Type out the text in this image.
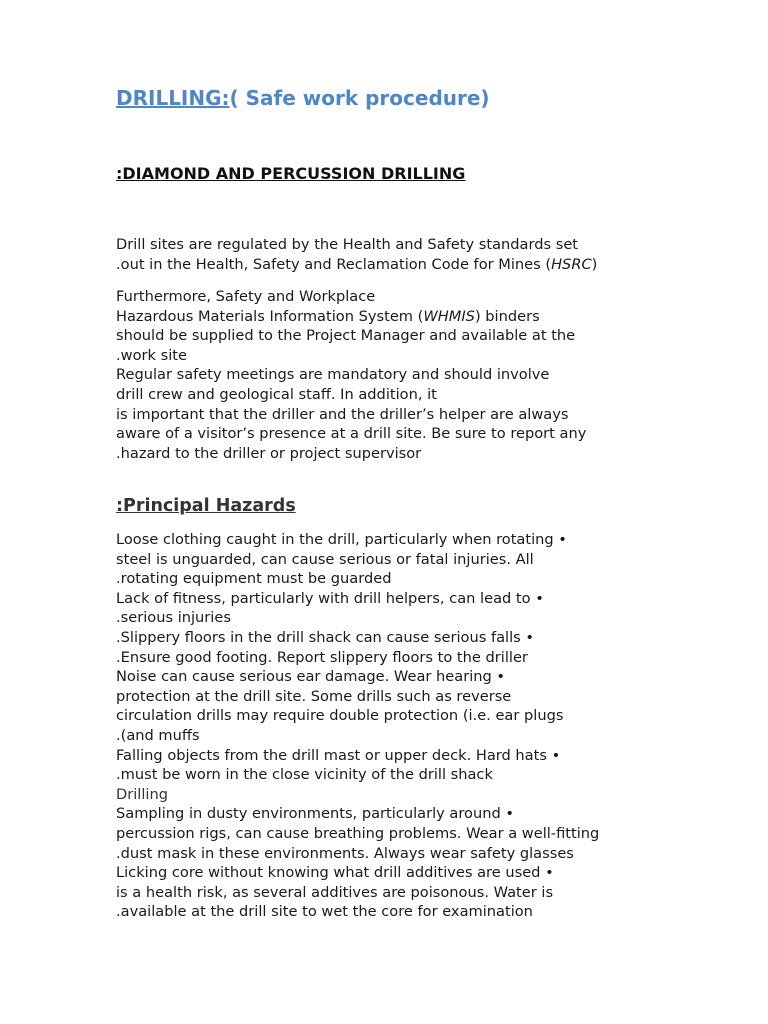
DRILLING:( Safe work procedure)
:DIAMOND AND PERCUSSION DRILLING

Drill sites are regulated by the Health and Safety standards set
.out in the Health, Safety and Reclamation Code for Mines (HSRC)

Furthermore, Safety and Workplace
Hazardous Materials Information System (WHMIS) binders
should be supplied to the Project Manager and available at the
.work site
Regular safety meetings are mandatory and should involve
drill crew and geological staff. In addition, it
is important that the driller and the driller’s helper are always
aware of a visitor’s presence at a drill site. Be sure to report any
.hazard to the driller or project supervisor

:Principal Hazards
Loose clothing caught in the drill, particularly when rotating •
steel is unguarded, can cause serious or fatal injuries. All
.rotating equipment must be guarded
Lack of fitness, particularly with drill helpers, can lead to •
.serious injuries
.Slippery floors in the drill shack can cause serious falls •
.Ensure good footing. Report slippery floors to the driller
Noise can cause serious ear damage. Wear hearing •
protection at the drill site. Some drills such as reverse
circulation drills may require double protection (i.e. ear plugs
.(and muffs
Falling objects from the drill mast or upper deck. Hard hats •
.must be worn in the close vicinity of the drill shack
Drilling
Sampling in dusty environments, particularly around •
percussion rigs, can cause breathing problems. Wear a well-fitting
.dust mask in these environments. Always wear safety glasses
Licking core without knowing what drill additives are used •
is a health risk, as several additives are poisonous. Water is
.available at the drill site to wet the core for examination
